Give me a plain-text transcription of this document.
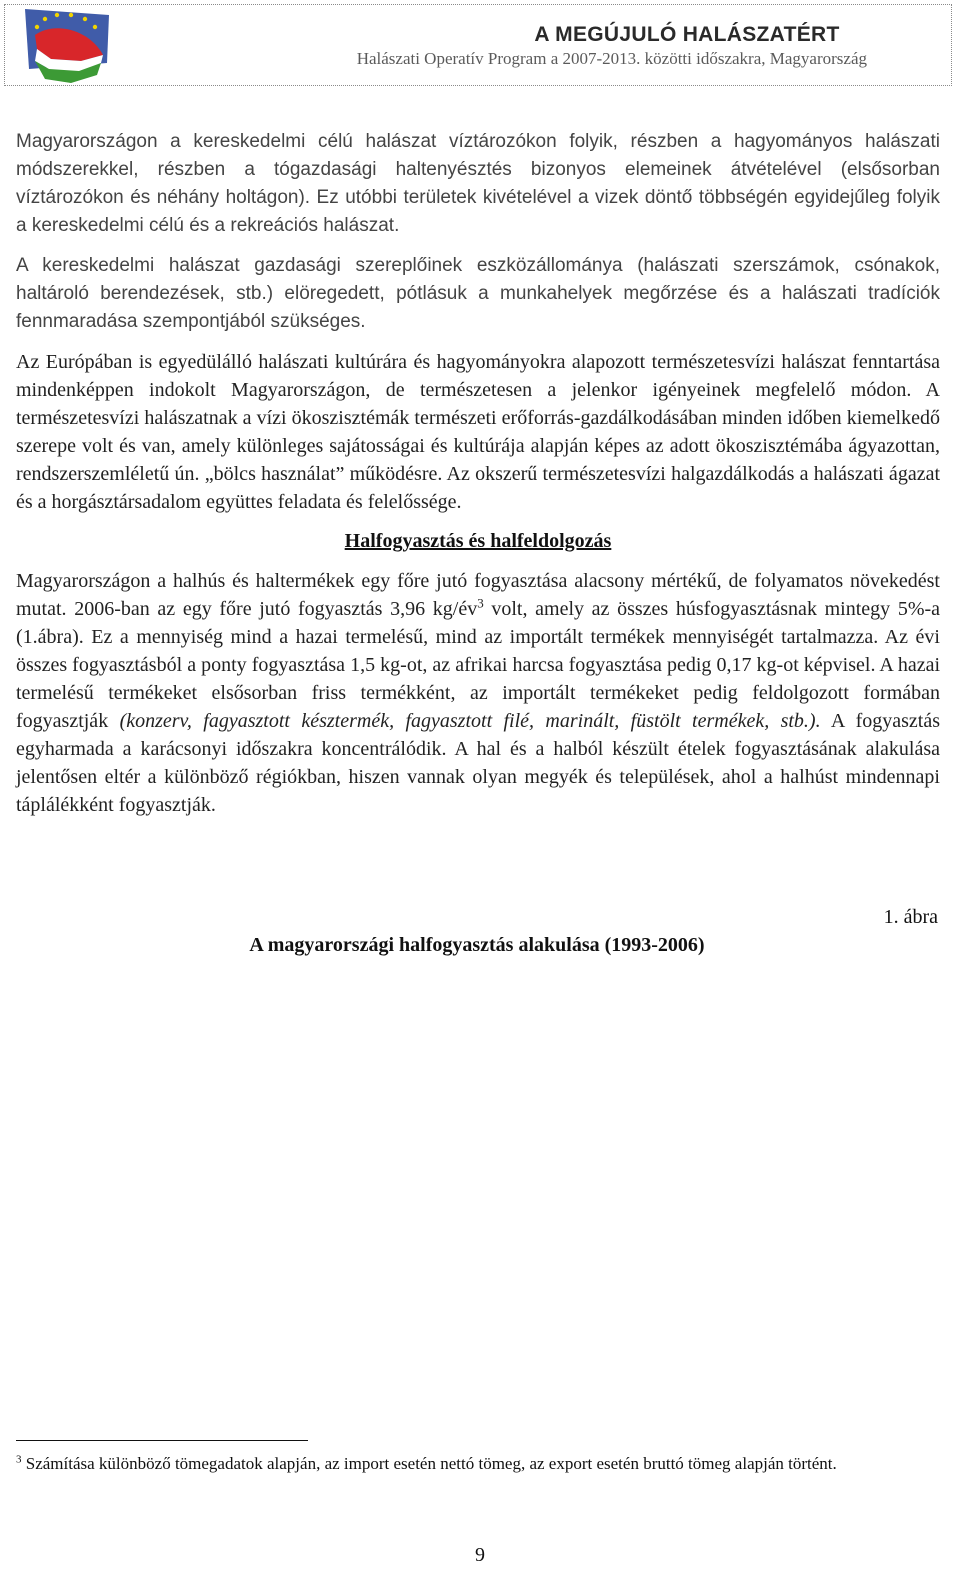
A MEGÚJULÓ HALÁSZATÉRT
Halászati Operatív Program a 2007-2013. közötti időszakra, Magyarország

Magyarországon a kereskedelmi célú halászat víztározókon folyik, részben a hagyományos halászati módszerekkel, részben a tógazdasági haltenyésztés bizonyos elemeinek átvételével (elsősorban víztározókon és néhány holtágon). Ez utóbbi területek kivételével a vizek döntő többségén egyidejűleg folyik a kereskedelmi célú és a rekreációs halászat.

A kereskedelmi halászat gazdasági szereplőinek eszközállománya (halászati szerszámok, csónakok, haltároló berendezések, stb.) elöregedett, pótlásuk a munkahelyek megőrzése és a halászati tradíciók fennmaradása szempontjából szükséges.

Az Európában is egyedülálló halászati kultúrára és hagyományokra alapozott természetesvízi halászat fenntartása mindenképpen indokolt Magyarországon, de természetesen a jelenkor igényeinek megfelelő módon. A természetesvízi halászatnak a vízi ökoszisztémák természeti erőforrás-gazdálkodásában minden időben kiemelkedő szerepe volt és van, amely különleges sajátosságai és kultúrája alapján képes az adott ökoszisztémába ágyazottan, rendszerszemléletű ún. „bölcs használat” működésre. Az okszerű természetesvízi halgazdálkodás a halászati ágazat és a horgásztársadalom együttes feladata és felelőssége.

Halfogyasztás és halfeldolgozás

Magyarországon a halhús és haltermékek egy főre jutó fogyasztása alacsony mértékű, de folyamatos növekedést mutat. 2006-ban az egy főre jutó fogyasztás 3,96 $kg/év^3$ volt, amely az összes húsfogyasztásnak mintegy 5%-a (1.ábra). Ez a mennyiség mind a hazai termelésű, mind az importált termékek mennyiségét tartalmazza. Az évi összes fogyasztásból a ponty fogyasztása 1,5 kg-ot, az afrikai harcsa fogyasztása pedig 0,17 kg-ot képvisel. A hazai termelésű termékeket elsősorban friss termékként, az importált termékeket pedig feldolgozott formában fogyasztják (konzerv, fagyasztott késztermék, fagyasztott filé, marinált, füstölt termékek, stb.). A fogyasztás egyharmada a karácsonyi időszakra koncentrálódik. A hal és a halból készült ételek fogyasztásának alakulása jelentősen eltér a különböző régiókban, hiszen vannak olyan megyék és települések, ahol a halhúst mindennapi táplálékként fogyasztják.

1. ábra
A magyarországi halfogyasztás alakulása (1993-2006)
$^3$ Számítása különböző tömegadatok alapján, az import esetén nettó tömeg, az export esetén bruttó tömeg alapján történt.
9
